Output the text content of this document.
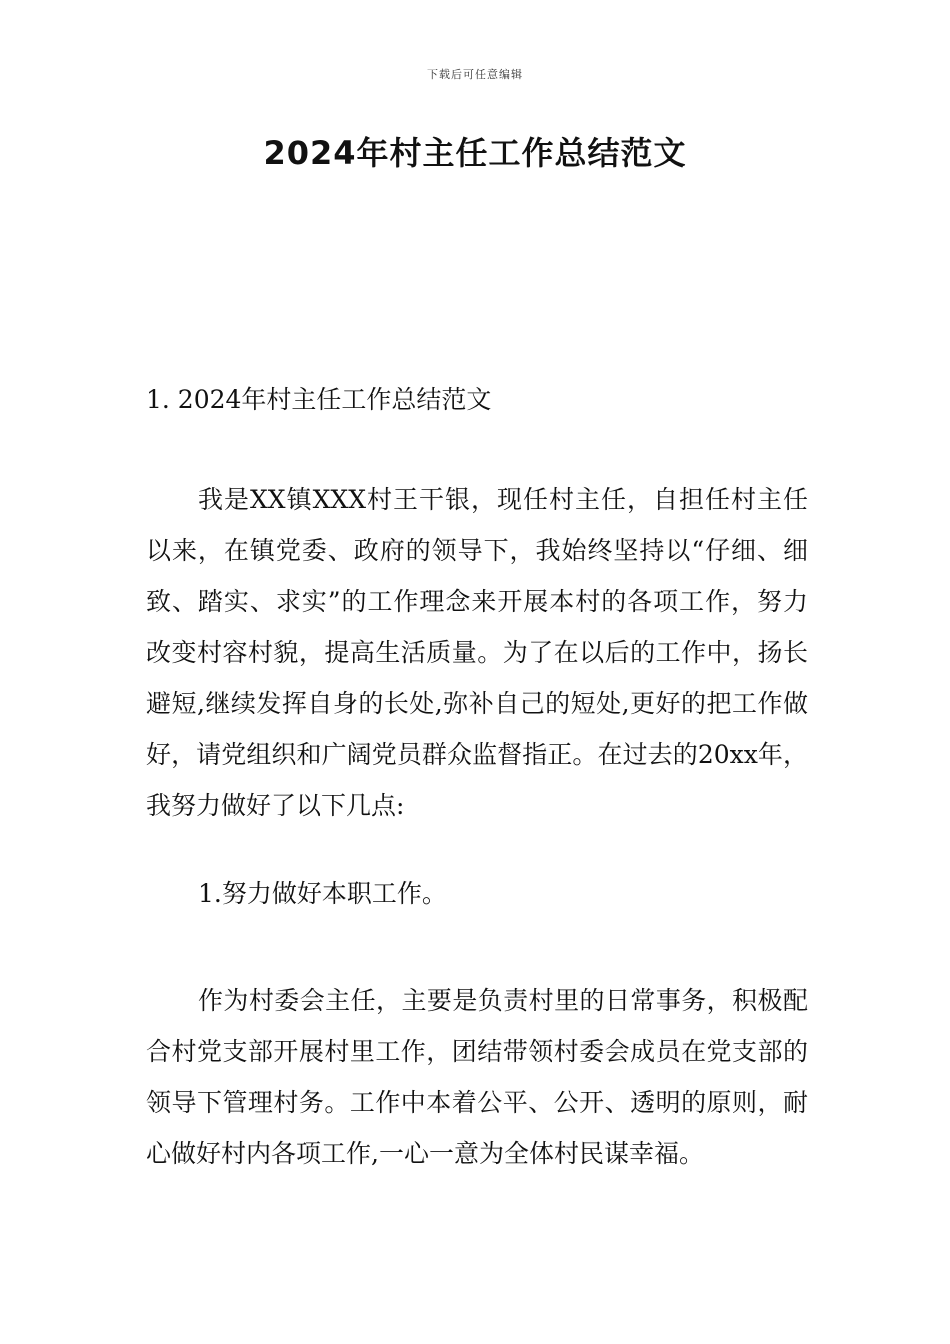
下载后可任意编辑
2024年村主任工作总结范文

1. 2024年村主任工作总结范文

我是XX镇XXX村王干银，现任村主任，自担任村主任以来，在镇党委、政府的领导下，我始终坚持以“仔细、细致、踏实、求实”的工作理念来开展本村的各项工作，努力改变村容村貌，提高生活质量。为了在以后的工作中，扬长避短,继续发挥自身的长处,弥补自己的短处,更好的把工作做好，请党组织和广阔党员群众监督指正。在过去的20xx年，我努力做好了以下几点:

1.努力做好本职工作。

作为村委会主任，主要是负责村里的日常事务，积极配合村党支部开展村里工作，团结带领村委会成员在党支部的领导下管理村务。工作中本着公平、公开、透明的原则，耐心做好村内各项工作,一心一意为全体村民谋幸福。
